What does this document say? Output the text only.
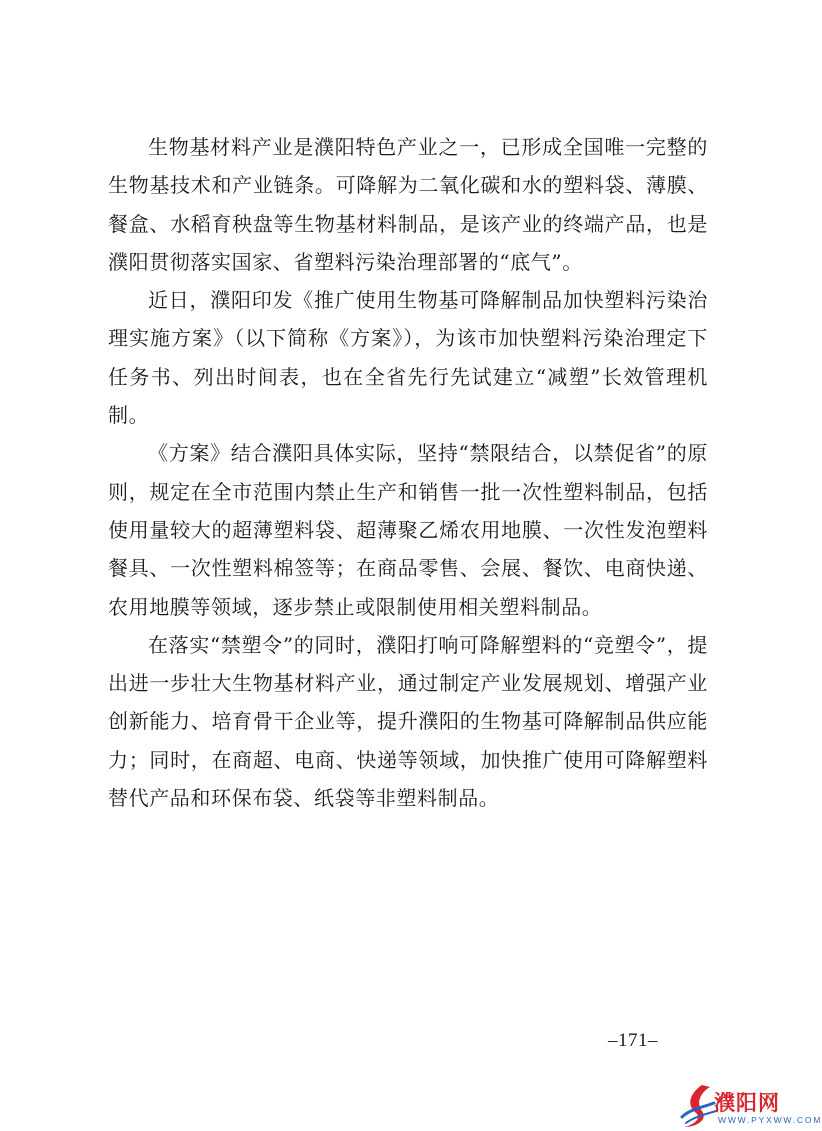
生物基材料产业是濮阳特色产业之一，已形成全国唯一完整的生物基技术和产业链条。可降解为二氧化碳和水的塑料袋、薄膜、餐盒、水稻育秧盘等生物基材料制品，是该产业的终端产品，也是濮阳贯彻落实国家、省塑料污染治理部署的“底气”。

近日，濮阳印发《推广使用生物基可降解制品加快塑料污染治理实施方案》（以下简称《方案》），为该市加快塑料污染治理定下任务书、列出时间表，也在全省先行先试建立“减塑”长效管理机制。

《方案》结合濮阳具体实际，坚持“禁限结合，以禁促省”的原则，规定在全市范围内禁止生产和销售一批一次性塑料制品，包括使用量较大的超薄塑料袋、超薄聚乙烯农用地膜、一次性发泡塑料餐具、一次性塑料棉签等；在商品零售、会展、餐饮、电商快递、农用地膜等领域，逐步禁止或限制使用相关塑料制品。

在落实“禁塑令”的同时，濮阳打响可降解塑料的“竞塑令”，提出进一步壮大生物基材料产业，通过制定产业发展规划、增强产业创新能力、培育骨干企业等，提升濮阳的生物基可降解制品供应能力；同时，在商超、电商、快递等领域，加快推广使用可降解塑料替代产品和环保布袋、纸袋等非塑料制品。

–171–
濮阳网
WWW.PYXWW.COM
